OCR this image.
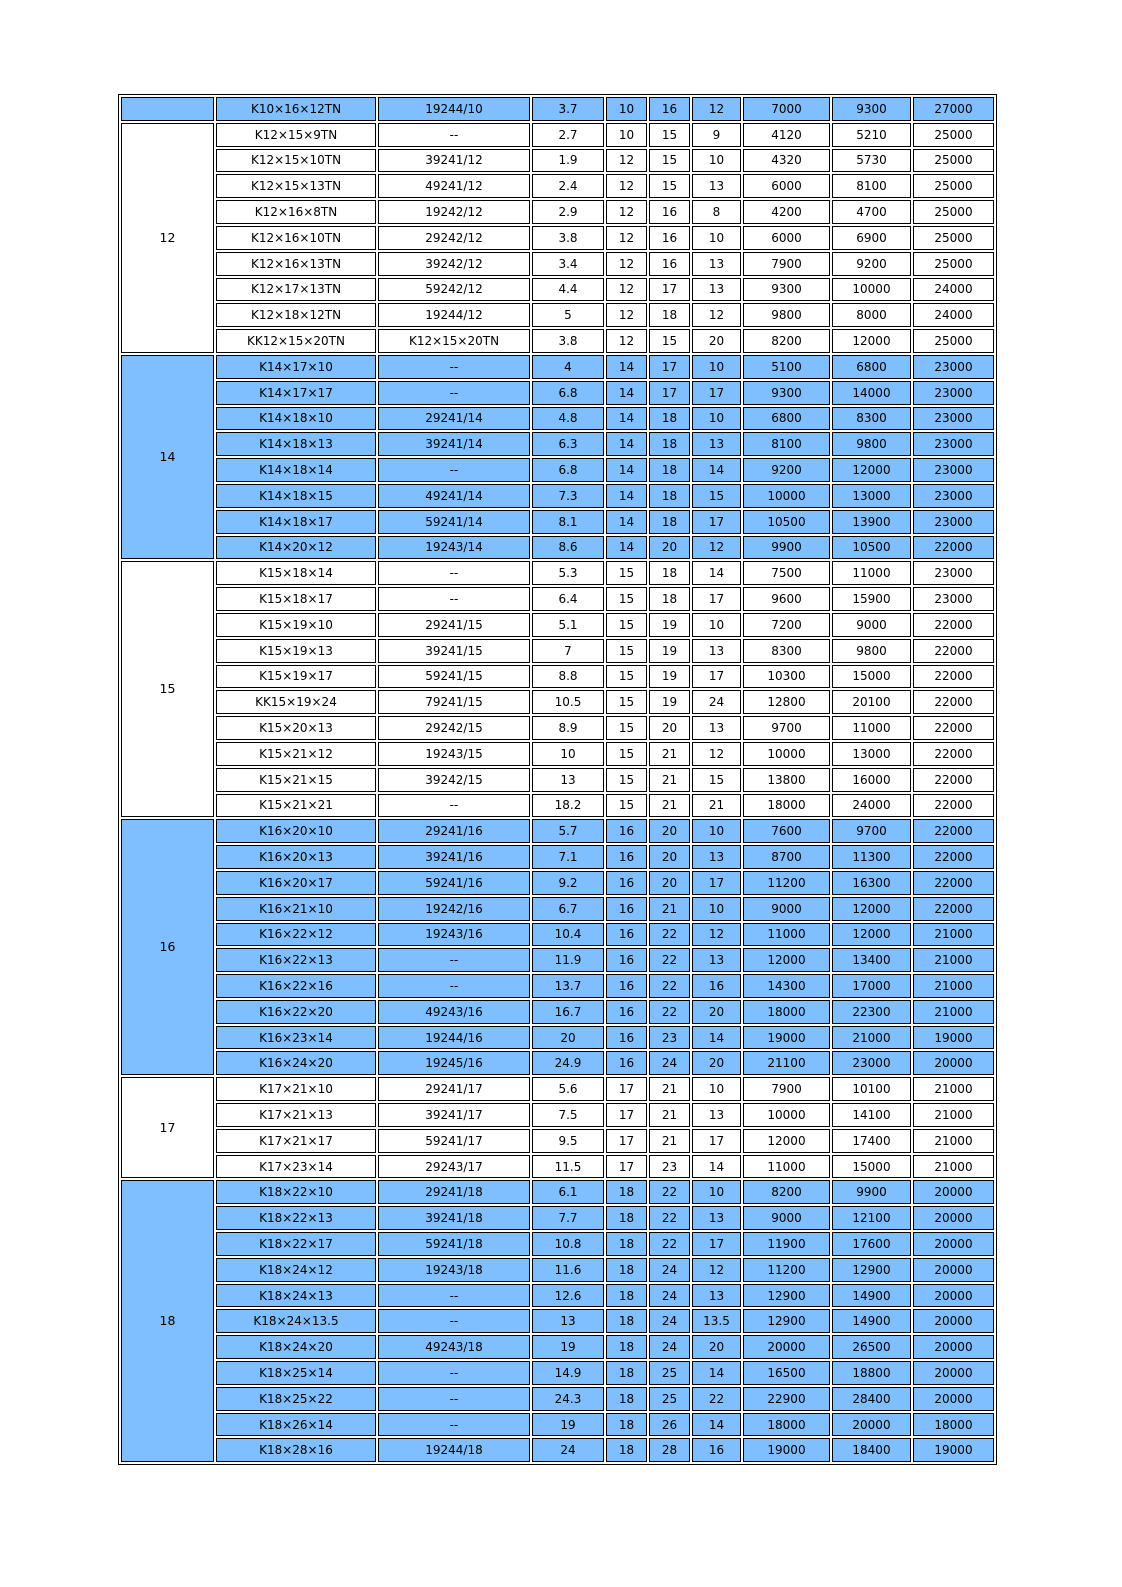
	K10×16×12TN	19244/10	3.7	10	16	12	7000	9300	27000
12	K12×15×9TN	--	2.7	10	15	9	4120	5210	25000
	K12×15×10TN	39241/12	1.9	12	15	10	4320	5730	25000
	K12×15×13TN	49241/12	2.4	12	15	13	6000	8100	25000
	K12×16×8TN	19242/12	2.9	12	16	8	4200	4700	25000
	K12×16×10TN	29242/12	3.8	12	16	10	6000	6900	25000
	K12×16×13TN	39242/12	3.4	12	16	13	7900	9200	25000
	K12×17×13TN	59242/12	4.4	12	17	13	9300	10000	24000
	K12×18×12TN	19244/12	5	12	18	12	9800	8000	24000
	KK12×15×20TN	K12×15×20TN	3.8	12	15	20	8200	12000	25000
14	K14×17×10	--	4	14	17	10	5100	6800	23000
	K14×17×17	--	6.8	14	17	17	9300	14000	23000
	K14×18×10	29241/14	4.8	14	18	10	6800	8300	23000
	K14×18×13	39241/14	6.3	14	18	13	8100	9800	23000
	K14×18×14	--	6.8	14	18	14	9200	12000	23000
	K14×18×15	49241/14	7.3	14	18	15	10000	13000	23000
	K14×18×17	59241/14	8.1	14	18	17	10500	13900	23000
	K14×20×12	19243/14	8.6	14	20	12	9900	10500	22000
15	K15×18×14	--	5.3	15	18	14	7500	11000	23000
	K15×18×17	--	6.4	15	18	17	9600	15900	23000
	K15×19×10	29241/15	5.1	15	19	10	7200	9000	22000
	K15×19×13	39241/15	7	15	19	13	8300	9800	22000
	K15×19×17	59241/15	8.8	15	19	17	10300	15000	22000
	KK15×19×24	79241/15	10.5	15	19	24	12800	20100	22000
	K15×20×13	29242/15	8.9	15	20	13	9700	11000	22000
	K15×21×12	19243/15	10	15	21	12	10000	13000	22000
	K15×21×15	39242/15	13	15	21	15	13800	16000	22000
	K15×21×21	--	18.2	15	21	21	18000	24000	22000
16	K16×20×10	29241/16	5.7	16	20	10	7600	9700	22000
	K16×20×13	39241/16	7.1	16	20	13	8700	11300	22000
	K16×20×17	59241/16	9.2	16	20	17	11200	16300	22000
	K16×21×10	19242/16	6.7	16	21	10	9000	12000	22000
	K16×22×12	19243/16	10.4	16	22	12	11000	12000	21000
	K16×22×13	--	11.9	16	22	13	12000	13400	21000
	K16×22×16	--	13.7	16	22	16	14300	17000	21000
	K16×22×20	49243/16	16.7	16	22	20	18000	22300	21000
	K16×23×14	19244/16	20	16	23	14	19000	21000	19000
	K16×24×20	19245/16	24.9	16	24	20	21100	23000	20000
17	K17×21×10	29241/17	5.6	17	21	10	7900	10100	21000
	K17×21×13	39241/17	7.5	17	21	13	10000	14100	21000
	K17×21×17	59241/17	9.5	17	21	17	12000	17400	21000
	K17×23×14	29243/17	11.5	17	23	14	11000	15000	21000
18	K18×22×10	29241/18	6.1	18	22	10	8200	9900	20000
	K18×22×13	39241/18	7.7	18	22	13	9000	12100	20000
	K18×22×17	59241/18	10.8	18	22	17	11900	17600	20000
	K18×24×12	19243/18	11.6	18	24	12	11200	12900	20000
	K18×24×13	--	12.6	18	24	13	12900	14900	20000
	K18×24×13.5	--	13	18	24	13.5	12900	14900	20000
	K18×24×20	49243/18	19	18	24	20	20000	26500	20000
	K18×25×14	--	14.9	18	25	14	16500	18800	20000
	K18×25×22	--	24.3	18	25	22	22900	28400	20000
	K18×26×14	--	19	18	26	14	18000	20000	18000
	K18×28×16	19244/18	24	18	28	16	19000	18400	19000
